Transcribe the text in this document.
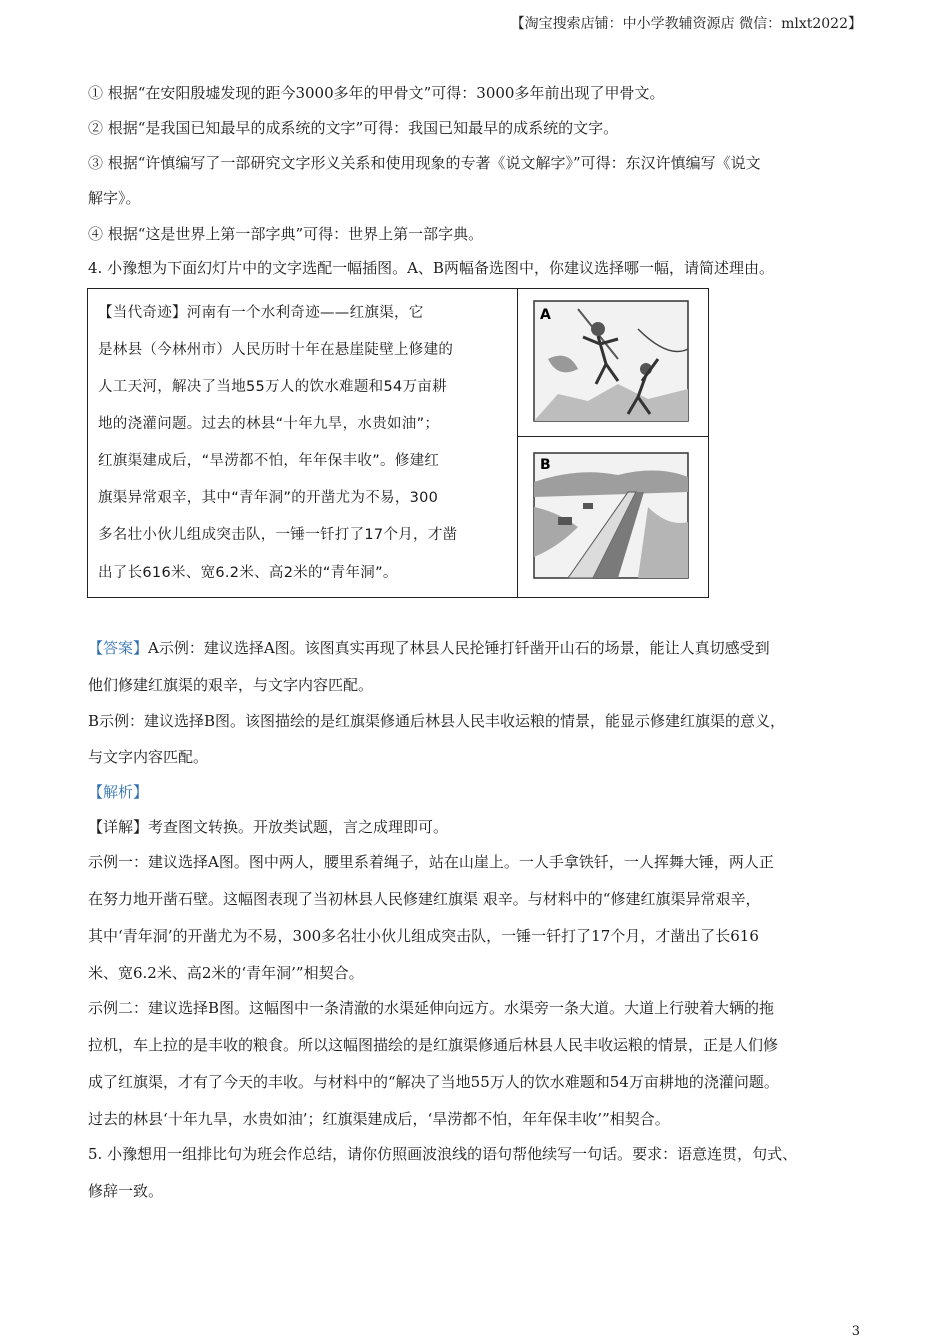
【淘宝搜索店铺：中小学教辅资源店 微信：mlxt2022】
① 根据“在安阳殷墟发现的距今3000多年的甲骨文”可得：3000多年前出现了甲骨文。
② 根据“是我国已知最早的成系统的文字”可得：我国已知最早的成系统的文字。
③ 根据“许慎编写了一部研究文字形义关系和使用现象的专著《说文解字》”可得：东汉许慎编写《说文
解字》。
④ 根据“这是世界上第一部字典”可得：世界上第一部字典。
4. 小豫想为下面幻灯片中的文字选配一幅插图。A、B两幅备选图中，你建议选择哪一幅，请简述理由。
【当代奇迹】河南有一个水利奇迹——红旗渠，它
是林县（今林州市）人民历时十年在悬崖陡壁上修建的
人工天河，解决了当地55万人的饮水难题和54万亩耕
地的浇灌问题。过去的林县“十年九旱，水贵如油”；
红旗渠建成后，“旱涝都不怕，年年保丰收”。修建红
旗渠异常艰辛，其中“青年洞”的开凿尤为不易，300
多名壮小伙儿组成突击队，一锤一钎打了17个月，才凿
出了长616米、宽6.2米、高2米的“青年洞”。
A
B
【答案】A示例：建议选择A图。该图真实再现了林县人民抡锤打钎凿开山石的场景，能让人真切感受到
他们修建红旗渠的艰辛，与文字内容匹配。
B示例：建议选择B图。该图描绘的是红旗渠修通后林县人民丰收运粮的情景，能显示修建红旗渠的意义，
与文字内容匹配。
【解析】
【详解】考查图文转换。开放类试题，言之成理即可。
示例一：建议选择A图。图中两人，腰里系着绳子，站在山崖上。一人手拿铁钎，一人挥舞大锤，两人正
在努力地开凿石壁。这幅图表现了当初林县人民修建红旗渠 艰辛。与材料中的“修建红旗渠异常艰辛，
其中‘青年洞’的开凿尤为不易，300多名壮小伙儿组成突击队，一锤一钎打了17个月，才凿出了长616
米、宽6.2米、高2米的‘青年洞’”相契合。
示例二：建议选择B图。这幅图中一条清澈的水渠延伸向远方。水渠旁一条大道。大道上行驶着大辆的拖
拉机，车上拉的是丰收的粮食。所以这幅图描绘的是红旗渠修通后林县人民丰收运粮的情景，正是人们修
成了红旗渠，才有了今天的丰收。与材料中的“解决了当地55万人的饮水难题和54万亩耕地的浇灌问题。
过去的林县‘十年九旱，水贵如油’；红旗渠建成后，‘旱涝都不怕，年年保丰收’”相契合。
5. 小豫想用一组排比句为班会作总结，请你仿照画波浪线的语句帮他续写一句话。要求：语意连贯，句式、
修辞一致。
3
